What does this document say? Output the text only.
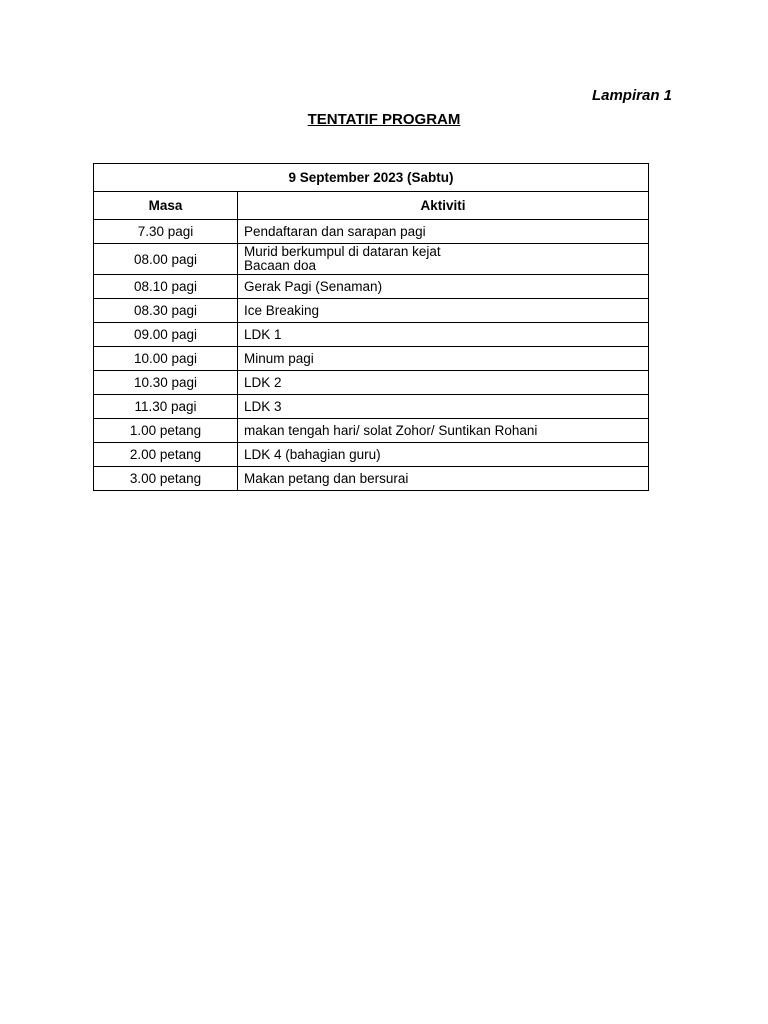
Lampiran 1
TENTATIF PROGRAM
9 September 2023 (Sabtu)	
Masa	Aktiviti
7.30 pagi	Pendaftaran dan sarapan pagi

08.00 pagi	Murid berkumpul di dataran kejat
Bacaan doa

08.10 pagi	Gerak Pagi (Senaman)

08.30 pagi	Ice Breaking

09.00 pagi	LDK 1

10.00 pagi	Minum pagi

10.30 pagi	LDK 2

11.30 pagi	LDK 3

1.00 petang	makan tengah hari/ solat Zohor/ Suntikan Rohani

2.00 petang	LDK 4 (bahagian guru)

3.00 petang	Makan petang dan bersurai
